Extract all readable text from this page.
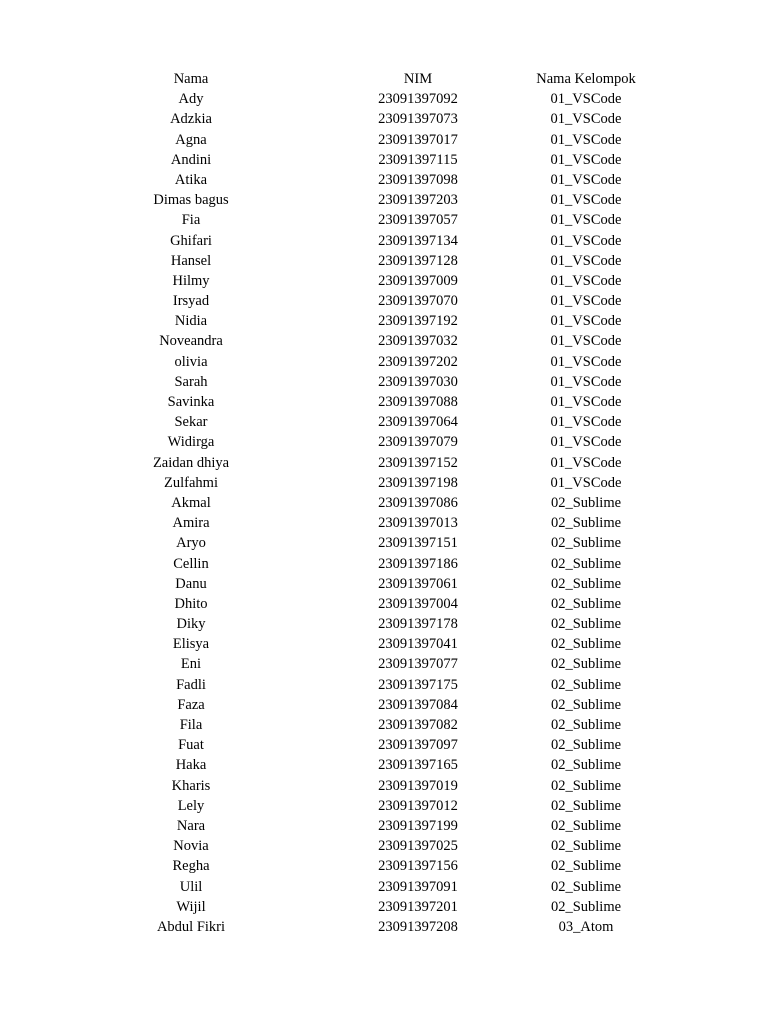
Nama	NIM	Nama Kelompok
Ady	23091397092	01_VSCode
Adzkia	23091397073	01_VSCode
Agna	23091397017	01_VSCode
Andini	23091397115	01_VSCode
Atika	23091397098	01_VSCode
Dimas bagus	23091397203	01_VSCode
Fia	23091397057	01_VSCode
Ghifari	23091397134	01_VSCode
Hansel	23091397128	01_VSCode
Hilmy	23091397009	01_VSCode
Irsyad	23091397070	01_VSCode
Nidia	23091397192	01_VSCode
Noveandra	23091397032	01_VSCode
olivia	23091397202	01_VSCode
Sarah	23091397030	01_VSCode
Savinka	23091397088	01_VSCode
Sekar	23091397064	01_VSCode
Widirga	23091397079	01_VSCode
Zaidan dhiya	23091397152	01_VSCode
Zulfahmi	23091397198	01_VSCode
Akmal	23091397086	02_Sublime
Amira	23091397013	02_Sublime
Aryo	23091397151	02_Sublime
Cellin	23091397186	02_Sublime
Danu	23091397061	02_Sublime
Dhito	23091397004	02_Sublime
Diky	23091397178	02_Sublime
Elisya	23091397041	02_Sublime
Eni	23091397077	02_Sublime
Fadli	23091397175	02_Sublime
Faza	23091397084	02_Sublime
Fila	23091397082	02_Sublime
Fuat	23091397097	02_Sublime
Haka	23091397165	02_Sublime
Kharis	23091397019	02_Sublime
Lely	23091397012	02_Sublime
Nara	23091397199	02_Sublime
Novia	23091397025	02_Sublime
Regha	23091397156	02_Sublime
Ulil	23091397091	02_Sublime
Wijil	23091397201	02_Sublime
Abdul Fikri	23091397208	03_Atom
